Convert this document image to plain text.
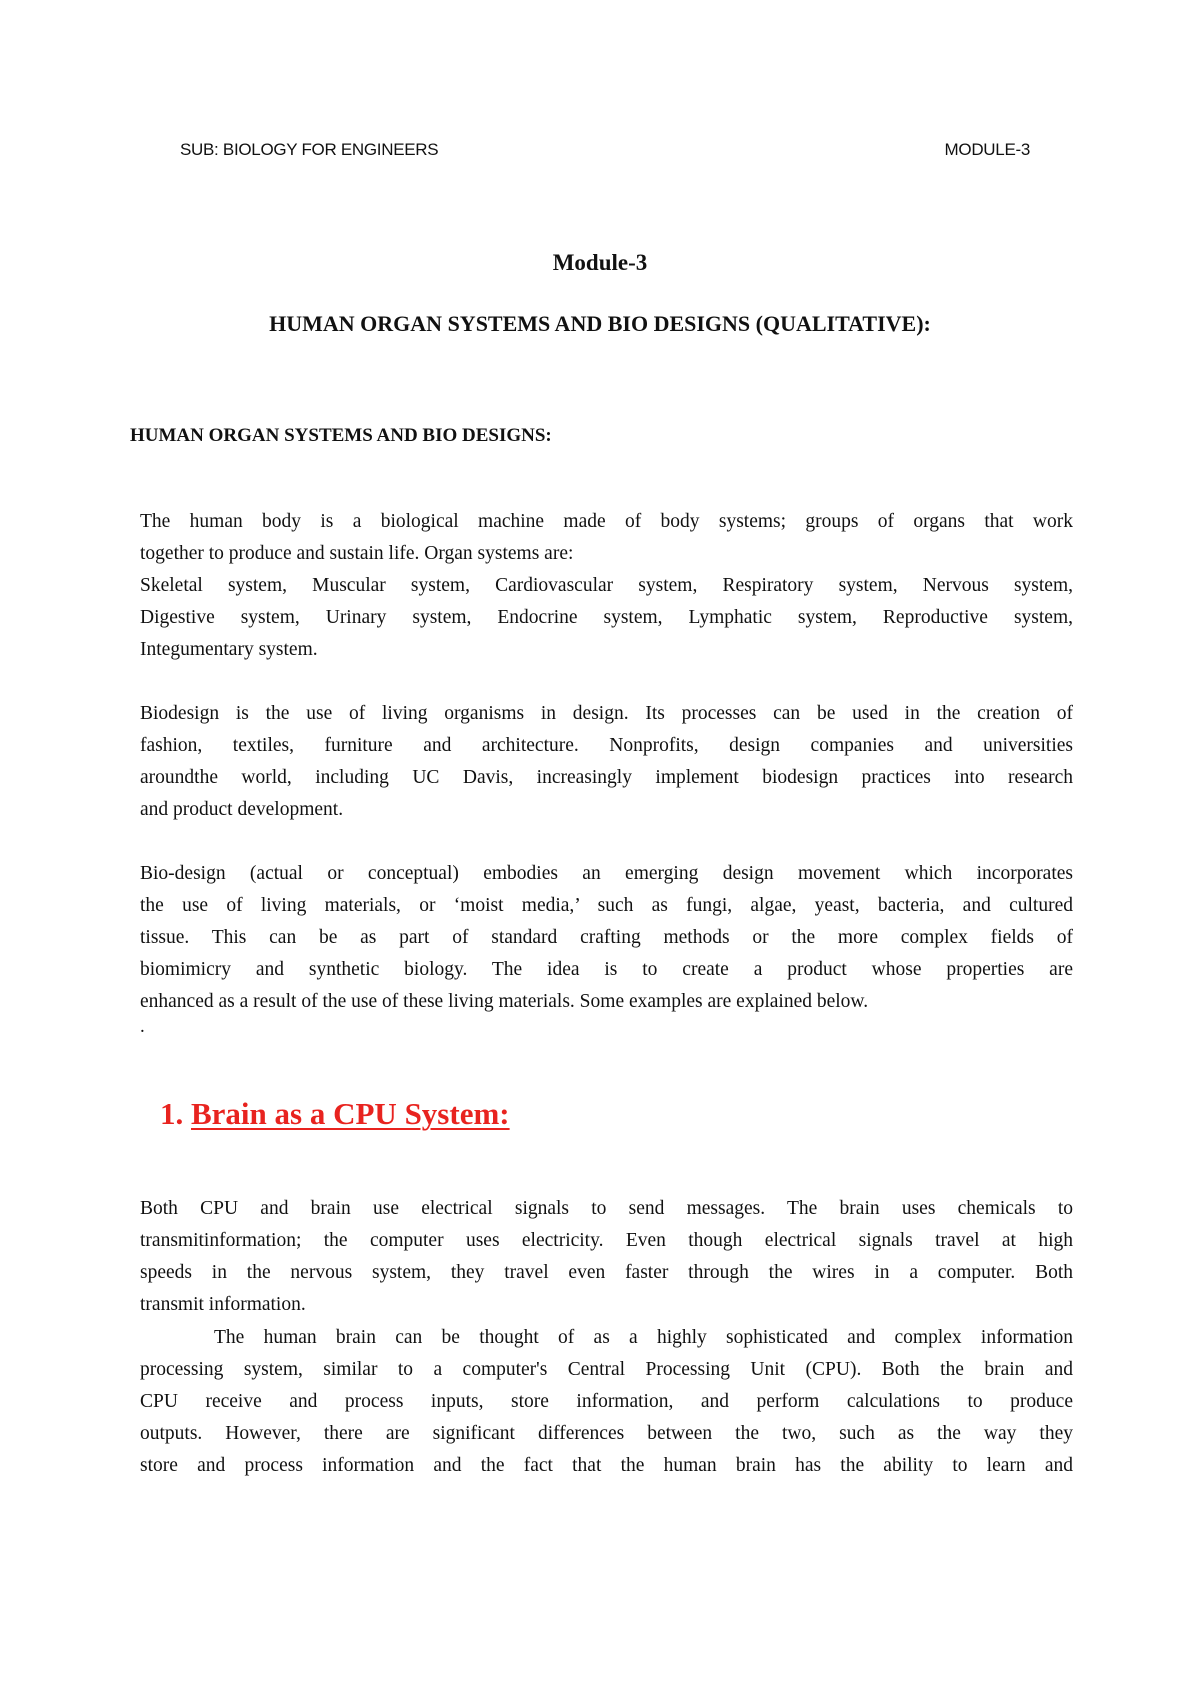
SUB: BIOLOGY FOR ENGINEERS	MODULE-3
Module-3
HUMAN ORGAN SYSTEMS AND BIO DESIGNS (QUALITATIVE):
HUMAN ORGAN SYSTEMS AND BIO DESIGNS:
The human body is a biological machine made of body systems; groups of organs that work
together to produce and sustain life. Organ systems are:
Skeletal system, Muscular system, Cardiovascular system, Respiratory system, Nervous system,
Digestive system, Urinary system, Endocrine system, Lymphatic system, Reproductive system,
Integumentary system.
Biodesign is the use of living organisms in design. Its processes can be used in the creation of
fashion, textiles, furniture and architecture. Nonprofits, design companies and universities
aroundthe world, including UC Davis, increasingly implement biodesign practices into research
and product development.
Bio-design (actual or conceptual) embodies an emerging design movement which incorporates
the use of living materials, or ‘moist media,’ such as fungi, algae, yeast, bacteria, and cultured
tissue. This can be as part of standard crafting methods or the more complex fields of
biomimicry and synthetic biology. The idea is to create a product whose properties are
enhanced as a result of the use of these living materials. Some examples are explained below.
.
1. Brain as a CPU System:
Both CPU and brain use electrical signals to send messages. The brain uses chemicals to
transmitinformation; the computer uses electricity. Even though electrical signals travel at high
speeds in the nervous system, they travel even faster through the wires in a computer. Both
transmit information.
The human brain can be thought of as a highly sophisticated and complex information
processing system, similar to a computer's Central Processing Unit (CPU). Both the brain and
CPU receive and process inputs, store information, and perform calculations to produce
outputs. However, there are significant differences between the two, such as the way they
store and process information and the fact that the human brain has the ability to learn and
